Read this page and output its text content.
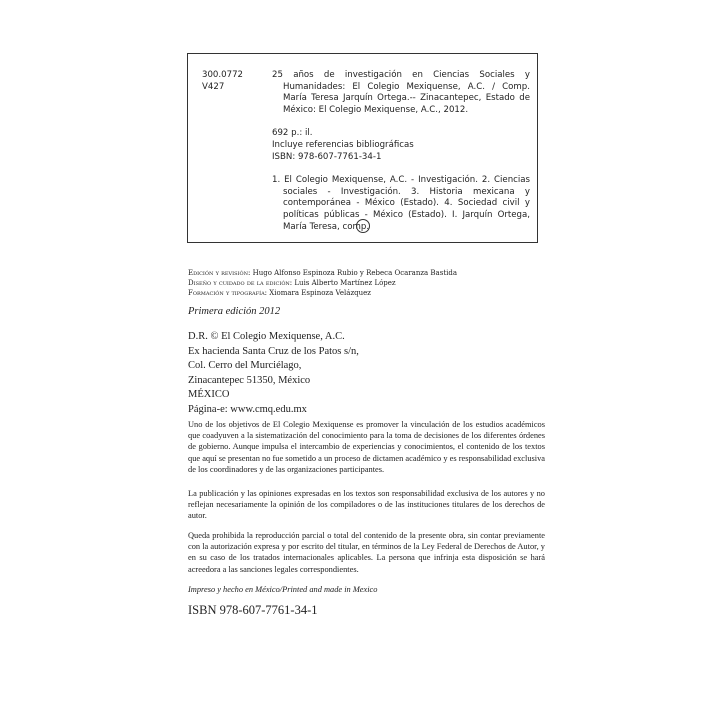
300.0772
V427
25 años de investigación en Ciencias Sociales y Humanidades: El Colegio Mexiquense, A.C. / Comp. María Teresa Jarquín Ortega.-- Zinacantepec, Estado de México: El Colegio Mexiquense, A.C., 2012.
692 p.: il.
Incluye referencias bibliográficas
ISBN: 978-607-7761-34-1
1. El Colegio Mexiquense, A.C. - Investigación. 2. Ciencias sociales - Investigación. 3. Historia mexicana y contemporánea - México (Estado). 4. Sociedad civil y políticas públicas - México (Estado). I. Jarquín Ortega, María Teresa, comp.
Edición y revisión: Hugo Alfonso Espinoza Rubio y Rebeca Ocaranza Bastida
Diseño y cuidado de la edición: Luis Alberto Martínez López
Formación y tipografía: Xiomara Espinoza Velázquez
Primera edición 2012
D.R. © El Colegio Mexiquense, A.C.
Ex hacienda Santa Cruz de los Patos s/n,
Col. Cerro del Murciélago,
Zinacantepec 51350, México
MÉXICO
Página-e: www.cmq.edu.mx
Uno de los objetivos de El Colegio Mexiquense es promover la vinculación de los estudios académicos que coadyuven a la sistematización del conocimiento para la toma de decisiones de los diferentes órdenes de gobierno. Aunque impulsa el intercambio de experiencias y conocimientos, el contenido de los textos que aquí se presentan no fue sometido a un proceso de dictamen académico y es responsabilidad exclusiva de los coordinadores y de las organizaciones participantes.
La publicación y las opiniones expresadas en los textos son responsabilidad exclusiva de los autores y no reflejan necesariamente la opinión de los compiladores o de las instituciones titulares de los derechos de autor.
Queda prohibida la reproducción parcial o total del contenido de la presente obra, sin contar previamente con la autorización expresa y por escrito del titular, en términos de la Ley Federal de Derechos de Autor, y en su caso de los tratados internacionales aplicables. La persona que infrinja esta disposición se hará acreedora a las sanciones legales correspondientes.
Impreso y hecho en México/Printed and made in Mexico
ISBN 978-607-7761-34-1
